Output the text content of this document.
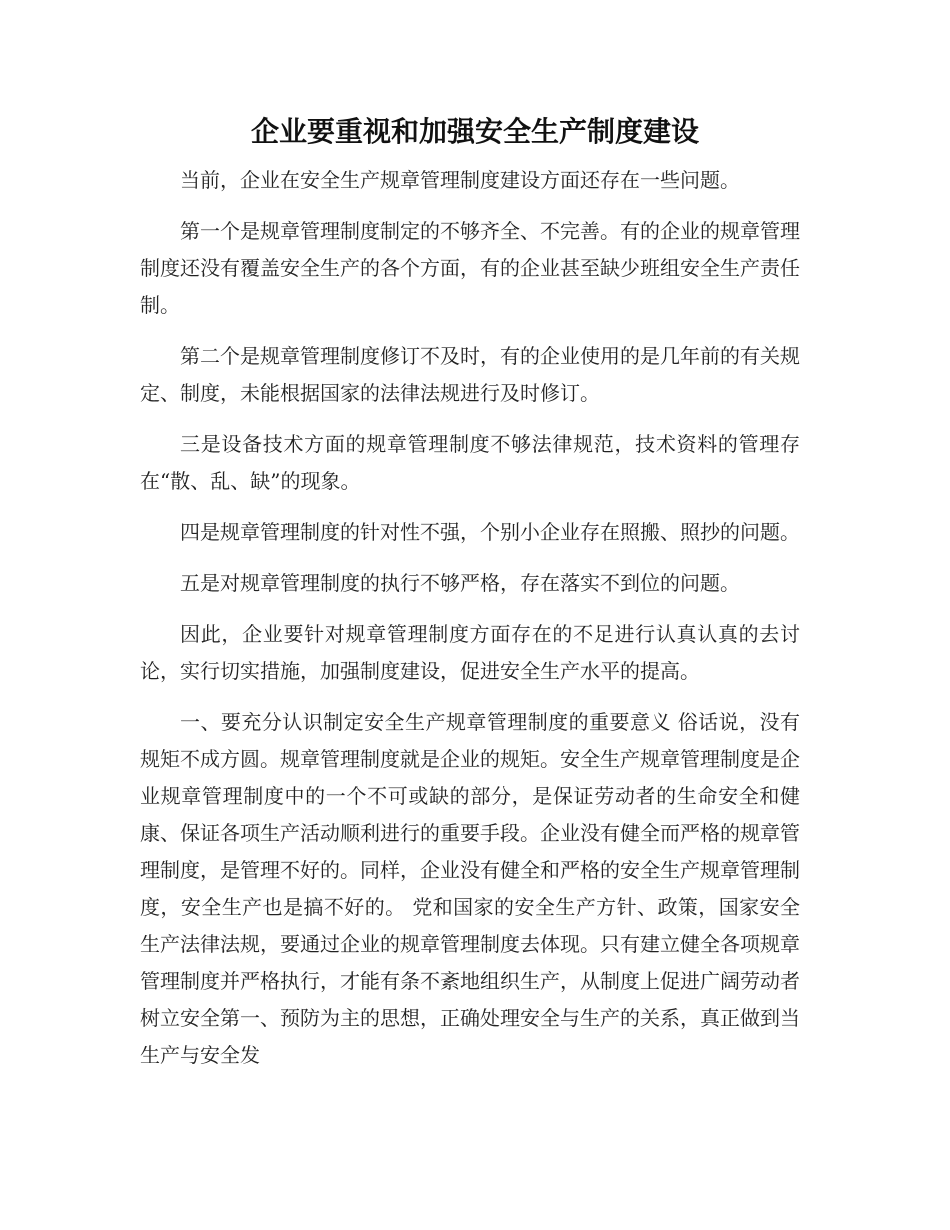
企业要重视和加强安全生产制度建设

当前，企业在安全生产规章管理制度建设方面还存在一些问题。

第一个是规章管理制度制定的不够齐全、不完善。有的企业的规章管理制度还没有覆盖安全生产的各个方面，有的企业甚至缺少班组安全生产责任制。

第二个是规章管理制度修订不及时，有的企业使用的是几年前的有关规定、制度，未能根据国家的法律法规进行及时修订。

三是设备技术方面的规章管理制度不够法律规范，技术资料的管理存在“散、乱、缺”的现象。

四是规章管理制度的针对性不强，个别小企业存在照搬、照抄的问题。

五是对规章管理制度的执行不够严格，存在落实不到位的问题。

因此，企业要针对规章管理制度方面存在的不足进行认真认真的去讨论，实行切实措施，加强制度建设，促进安全生产水平的提高。

一、要充分认识制定安全生产规章管理制度的重要意义 俗话说，没有规矩不成方圆。规章管理制度就是企业的规矩。安全生产规章管理制度是企业规章管理制度中的一个不可或缺的部分，是保证劳动者的生命安全和健康、保证各项生产活动顺利进行的重要手段。企业没有健全而严格的规章管理制度，是管理不好的。同样，企业没有健全和严格的安全生产规章管理制度，安全生产也是搞不好的。 党和国家的安全生产方针、政策，国家安全生产法律法规，要通过企业的规章管理制度去体现。只有建立健全各项规章管理制度并严格执行，才能有条不紊地组织生产，从制度上促进广阔劳动者树立安全第一、预防为主的思想，正确处理安全与生产的关系，真正做到当生产与安全发
